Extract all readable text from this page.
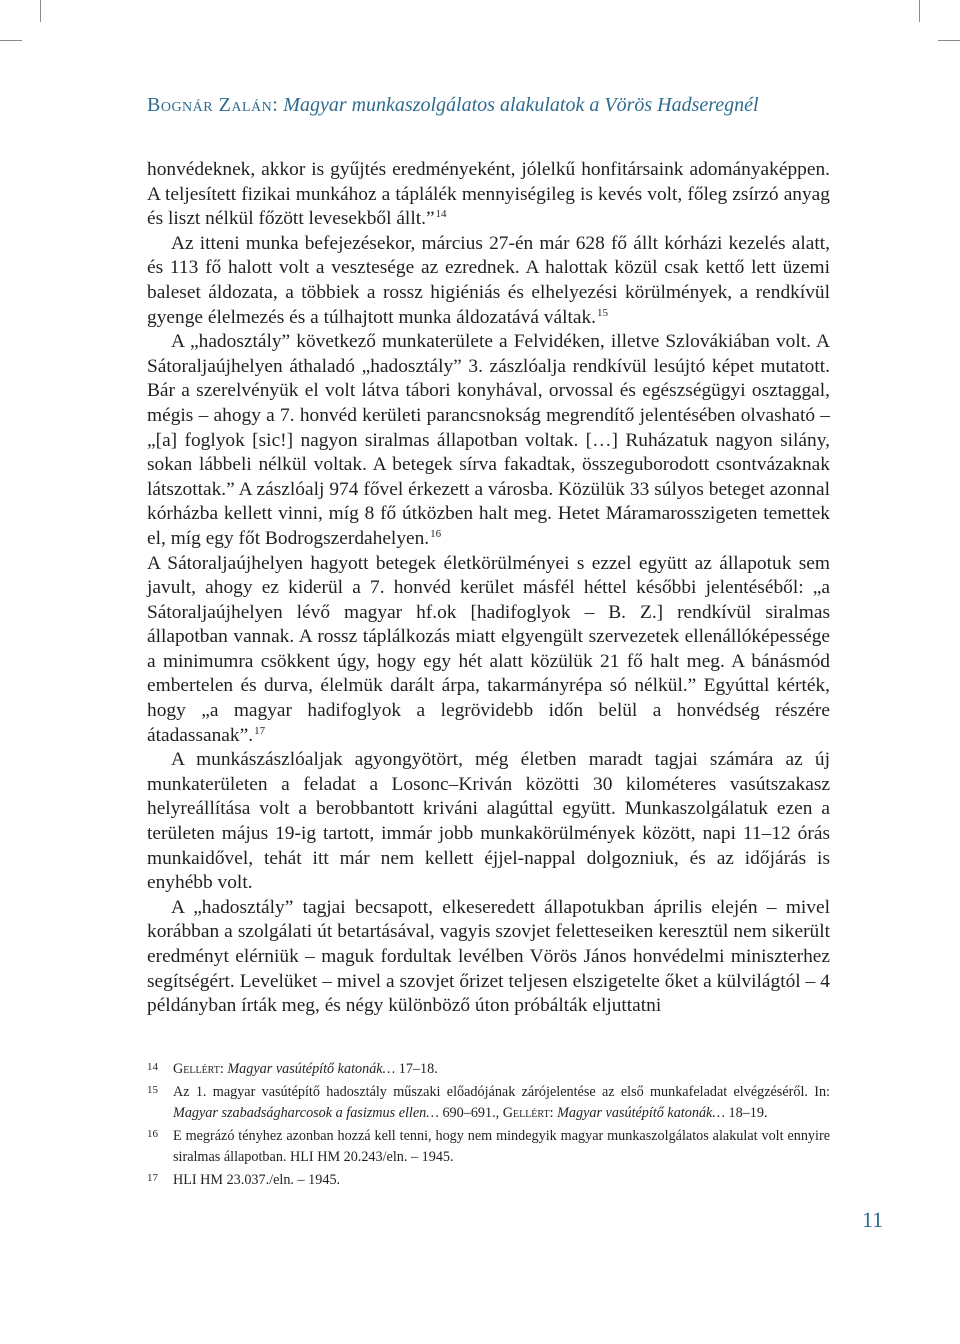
Bognár Zalán: Magyar munkaszolgálatos alakulatok a Vörös Hadseregnél

honvédeknek, akkor is gyűjtés eredményeként, jólelkű honfitársaink adományaképpen. A teljesített fizikai munkához a táplálék mennyiségileg is kevés volt, főleg zsírzó anyag és liszt nélkül főzött levesekből állt.”$^{14}$

Az itteni munka befejezésekor, március 27-én már 628 fő állt kórházi kezelés alatt, és 113 fő halott volt a vesztesége az ezrednek. A halottak közül csak kettő lett üzemi baleset áldozata, a többiek a rossz higiéniás és elhelyezési körülmények, a rendkívül gyenge élelmezés és a túlhajtott munka áldozatává váltak.$^{15}$

A „hadosztály” következő munkaterülete a Felvidéken, illetve Szlovákiában volt. A Sátoraljaújhelyen áthaladó „hadosztály” 3. zászlóalja rendkívül lesújtó képet mutatott. Bár a szerelvényük el volt látva tábori konyhával, orvossal és egészségügyi osztaggal, mégis – ahogy a 7. honvéd kerületi parancsnokság megrendítő jelentésében olvasható – „[a] foglyok [sic!] nagyon siralmas állapotban voltak. […] Ruházatuk nagyon silány, sokan lábbeli nélkül voltak. A betegek sírva fakadtak, összeguborodott csontvázaknak látszottak.” A zászlóalj 974 fővel érkezett a városba. Közülük 33 súlyos beteget azonnal kórházba kellett vinni, míg 8 fő útközben halt meg. Hetet Máramarosszigeten temettek el, míg egy főt Bodrogszerdahelyen.$^{16}$
A Sátoraljaújhelyen hagyott betegek életkörülményei s ezzel együtt az állapotuk sem javult, ahogy ez kiderül a 7. honvéd kerület másfél héttel későbbi jelentéséből: „a Sátoraljaújhelyen lévő magyar hf.ok [hadifoglyok – B. Z.] rendkívül siralmas állapotban vannak. A rossz táplálkozás miatt elgyengült szervezetek ellenállóképessége a minimumra csökkent úgy, hogy egy hét alatt közülük 21 fő halt meg. A bánásmód embertelen és durva, élelmük darált árpa, takarmányrépa só nélkül.” Egyúttal kérték, hogy „a magyar hadifoglyok a legrövidebb időn belül a honvédség részére átadassanak”.$^{17}$

A munkászászlóaljak agyongyötört, még életben maradt tagjai számára az új munkaterületen a feladat a Losonc–Kriván közötti 30 kilométeres vasútszakasz helyreállítása volt a berobbantott kriváni alagúttal együtt. Munkaszolgálatuk ezen a területen május 19-ig tartott, immár jobb munkakörülmények között, napi 11–12 órás munkaidővel, tehát itt már nem kellett éjjel-nappal dolgozniuk, és az időjárás is enyhébb volt.

A „hadosztály” tagjai becsapott, elkeseredett állapotukban április elején – mivel korábban a szolgálati út betartásával, vagyis szovjet feletteseiken keresztül nem sikerült eredményt elérniük – maguk fordultak levélben Vörös János honvédelmi miniszterhez segítségért. Levelüket – mivel a szovjet őrizet teljesen elszigetelte őket a külvilágtól – 4 példányban írták meg, és négy különböző úton próbálták eljuttatni

14 Gellért: Magyar vasútépítő katonák… 17–18.
15 Az 1. magyar vasútépítő hadosztály műszaki előadójának zárójelentése az első munkafeladat elvégzéséről. In: Magyar szabadságharcosok a fasizmus ellen… 690–691., Gellért: Magyar vasútépítő katonák… 18–19.
16 E megrázó tényhez azonban hozzá kell tenni, hogy nem mindegyik magyar munkaszolgálatos alakulat volt ennyire siralmas állapotban. HLI HM 20.243/eln. – 1945.
17 HLI HM 23.037./eln. – 1945.
11
